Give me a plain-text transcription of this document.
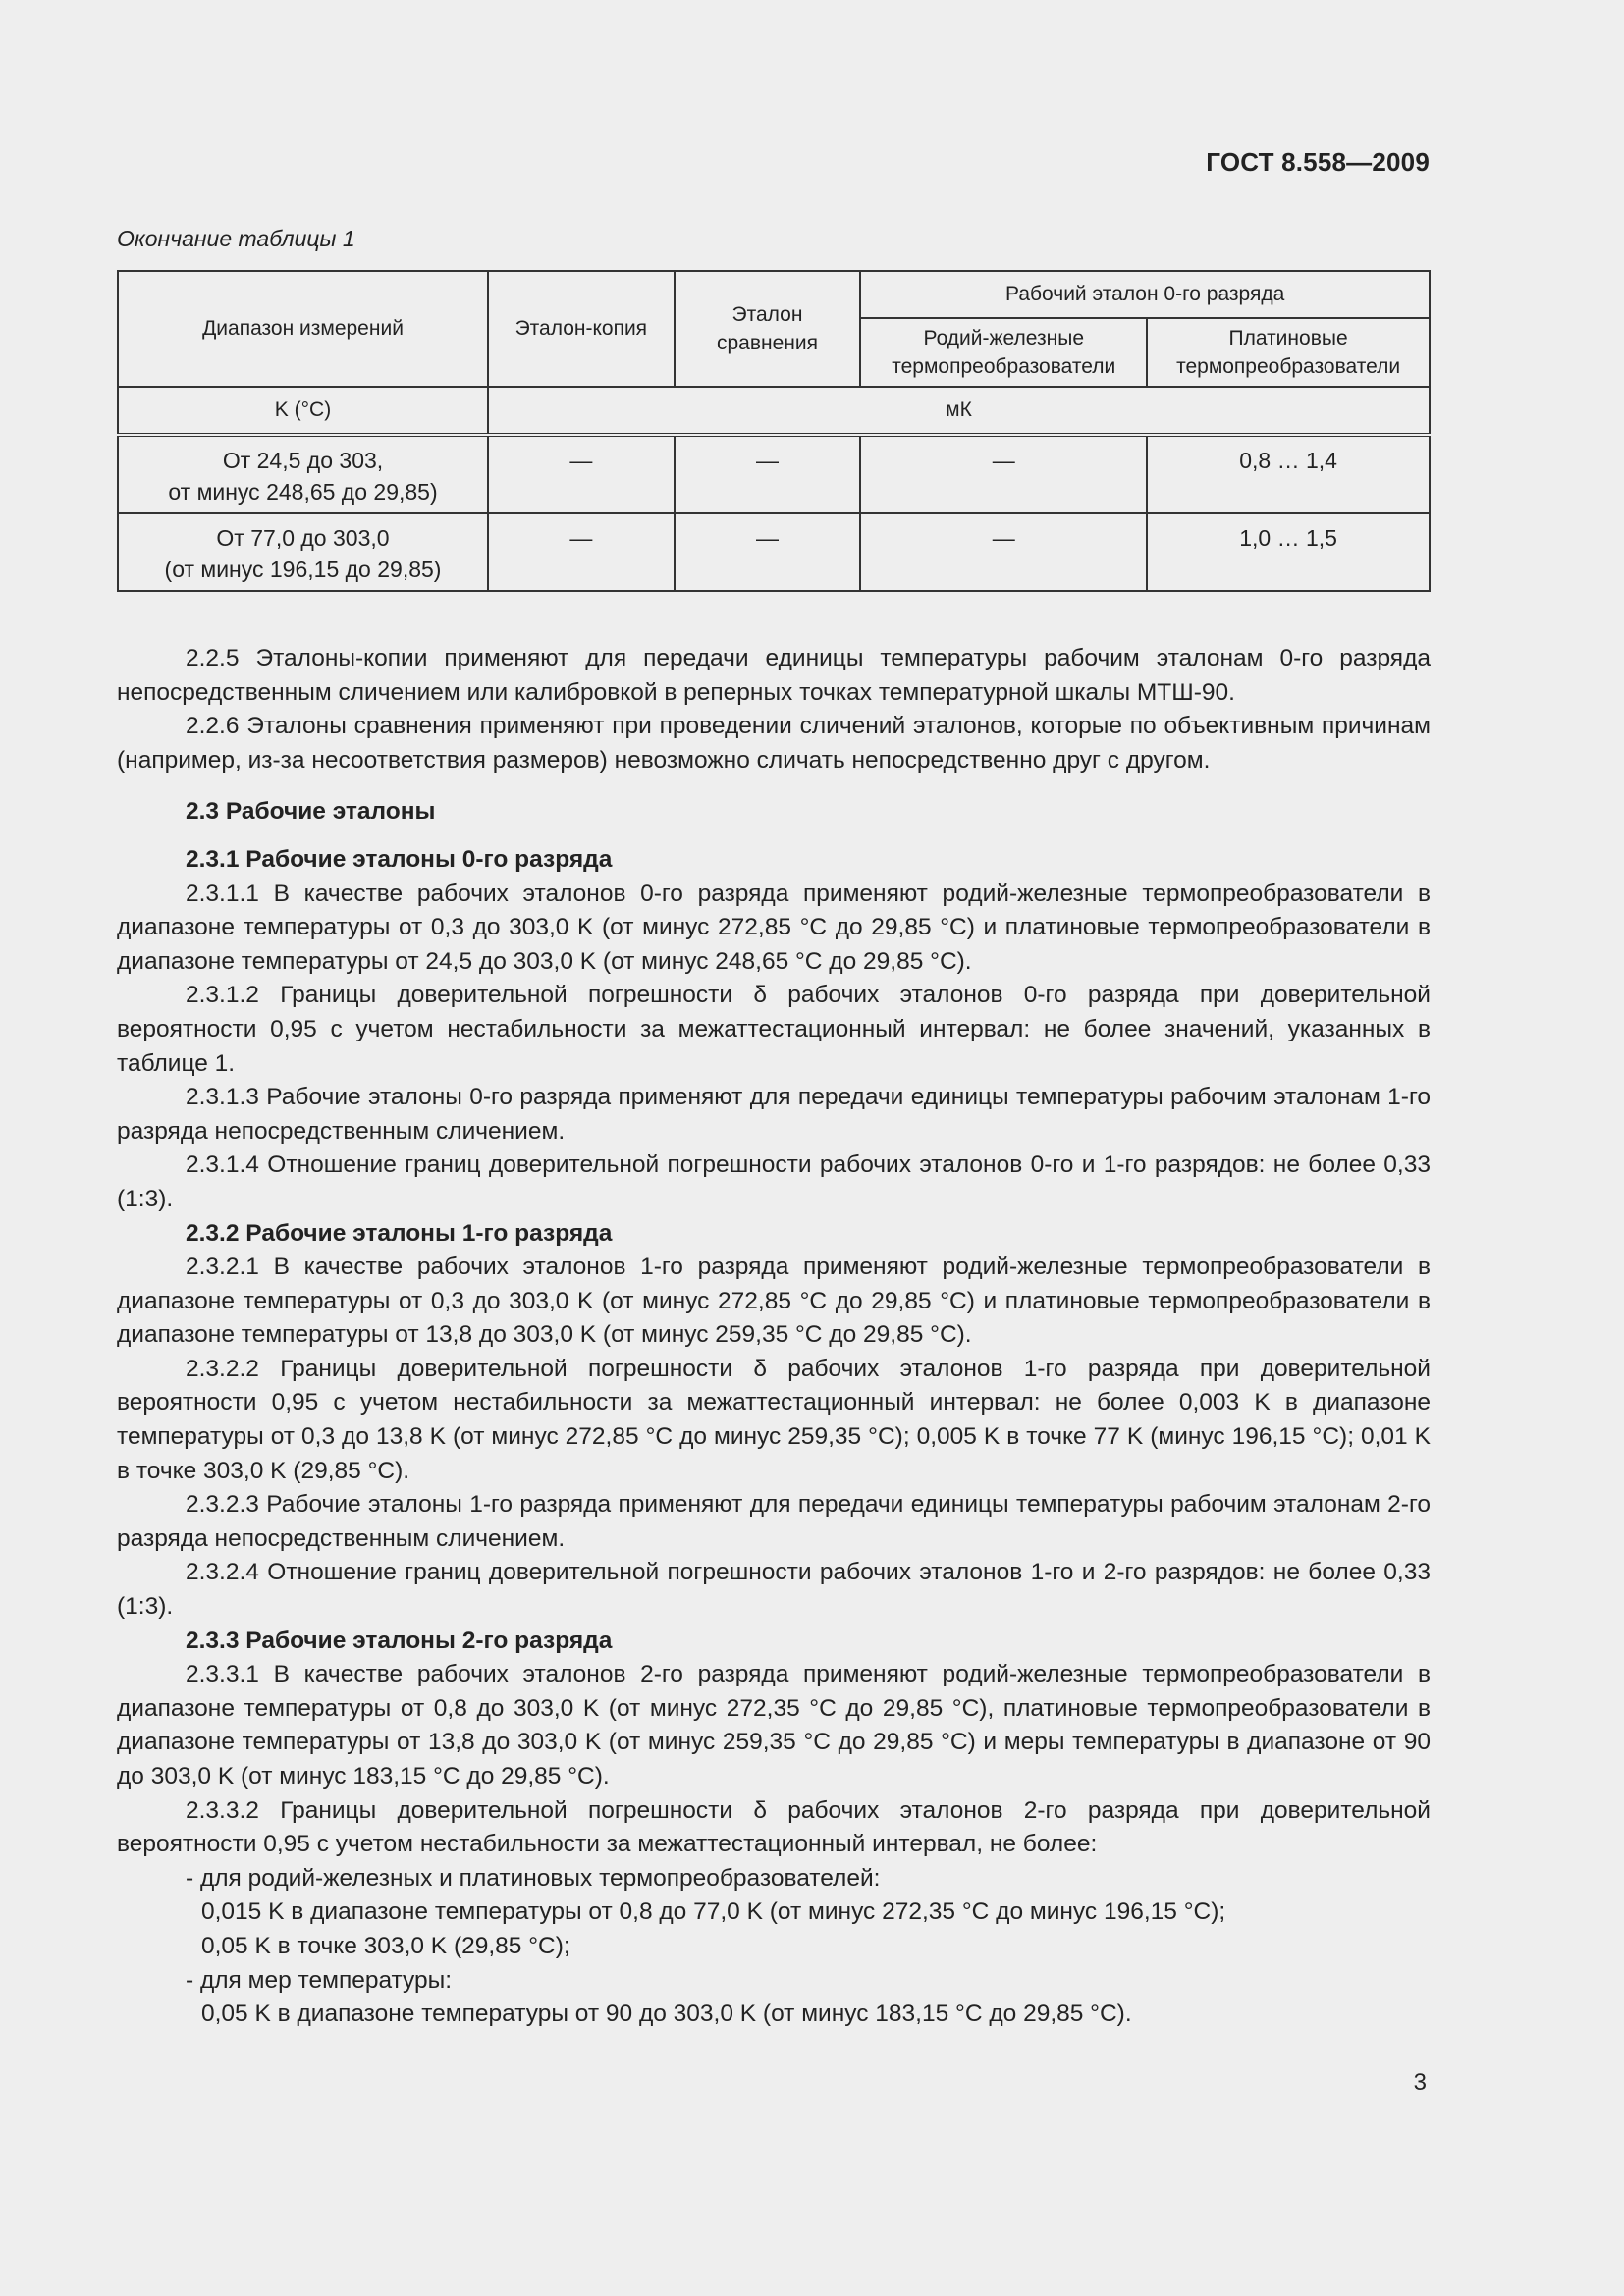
ГОСТ 8.558—2009
Окончание таблицы 1
Диапазон измерений	Эталон-копия	Эталон сравнения	Рабочий эталон 0-го разряда	
			Родий-железные термопреобразователи	Платиновые термопреобразователи
K (°С)	мК			
От 24,5 до 303,
от минус 248,65 до 29,85)	—	—	—	0,8 … 1,4
От 77,0 до 303,0
(от минус 196,15 до 29,85)	—	—	—	1,0 … 1,5

2.2.5 Эталоны-копии применяют для передачи единицы температуры рабочим эталонам 0-го разряда непосредственным сличением или калибровкой в реперных точках температурной шкалы МТШ-90.

2.2.6 Эталоны сравнения применяют при проведении сличений эталонов, которые по объективным причинам (например, из-за несоответствия размеров) невозможно сличать непосредственно друг с другом.

2.3 Рабочие эталоны

2.3.1 Рабочие эталоны 0-го разряда

2.3.1.1 В качестве рабочих эталонов 0-го разряда применяют родий-железные термопреобразователи в диапазоне температуры от 0,3 до 303,0 K (от минус 272,85 °С до 29,85 °С) и платиновые термопреобразователи в диапазоне температуры от 24,5 до 303,0 K (от минус 248,65 °С до 29,85 °С).

2.3.1.2 Границы доверительной погрешности δ рабочих эталонов 0-го разряда при доверительной вероятности 0,95 с учетом нестабильности за межаттестационный интервал: не более значений, указанных в таблице 1.

2.3.1.3 Рабочие эталоны 0-го разряда применяют для передачи единицы температуры рабочим эталонам 1-го разряда непосредственным сличением.

2.3.1.4 Отношение границ доверительной погрешности рабочих эталонов 0-го и 1-го разрядов: не более 0,33 (1:3).

2.3.2 Рабочие эталоны 1-го разряда

2.3.2.1 В качестве рабочих эталонов 1-го разряда применяют родий-железные термопреобразователи в диапазоне температуры от 0,3 до 303,0 K (от минус 272,85 °С до 29,85 °С) и платиновые термопреобразователи в диапазоне температуры от 13,8 до 303,0 K (от минус 259,35 °С до 29,85 °С).

2.3.2.2 Границы доверительной погрешности δ рабочих эталонов 1-го разряда при доверительной вероятности 0,95 с учетом нестабильности за межаттестационный интервал: не более 0,003 K в диапазоне температуры от 0,3 до 13,8 K (от минус 272,85 °С до минус 259,35 °С); 0,005 K в точке 77 K (минус 196,15 °С); 0,01 K в точке 303,0 K (29,85 °С).

2.3.2.3 Рабочие эталоны 1-го разряда применяют для передачи единицы температуры рабочим эталонам 2-го разряда непосредственным сличением.

2.3.2.4 Отношение границ доверительной погрешности рабочих эталонов 1-го и 2-го разрядов: не более 0,33 (1:3).

2.3.3 Рабочие эталоны 2-го разряда

2.3.3.1 В качестве рабочих эталонов 2-го разряда применяют родий-железные термопреобразователи в диапазоне температуры от 0,8 до 303,0 K (от минус 272,35 °С до 29,85 °С), платиновые термопреобразователи в диапазоне температуры от 13,8 до 303,0 K (от минус 259,35 °С до 29,85 °С) и меры температуры в диапазоне от 90 до 303,0 K (от минус 183,15 °С до 29,85 °С).

2.3.3.2 Границы доверительной погрешности δ рабочих эталонов 2-го разряда при доверительной вероятности 0,95 с учетом нестабильности за межаттестационный интервал, не более:

- для родий-железных и платиновых термопреобразователей:

0,015 K в диапазоне температуры от 0,8 до 77,0 K (от минус 272,35 °С до минус 196,15 °С);

0,05 K в точке 303,0 K (29,85 °С);

- для мер температуры:

0,05 K в диапазоне температуры от 90 до 303,0 K (от минус 183,15 °С до 29,85 °С).

3
